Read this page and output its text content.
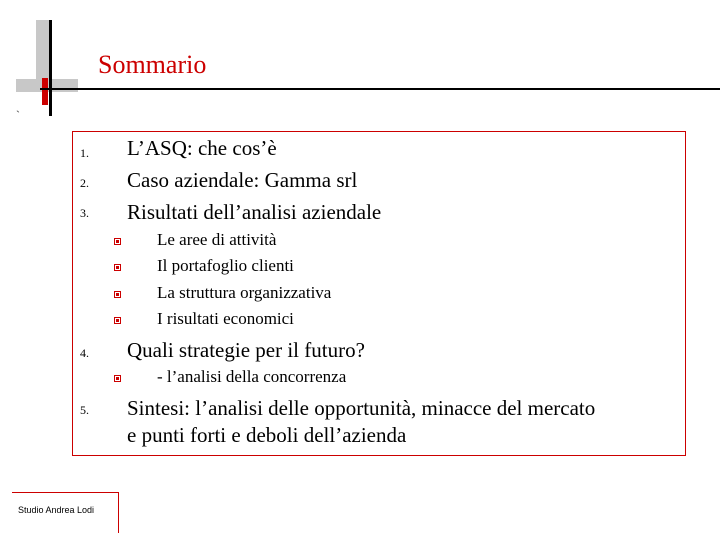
`
Sommario
1. L’ASQ: che cos’è
2. Caso aziendale: Gamma srl
3. Risultati dell’analisi aziendale
Le aree di attività
Il portafoglio clienti
La struttura organizzativa
I risultati economici
4. Quali strategie per il futuro?
- l’analisi della concorrenza
5. Sintesi: l’analisi delle opportunità, minacce del mercato
e punti forti e deboli dell’azienda
Studio Andrea Lodi
